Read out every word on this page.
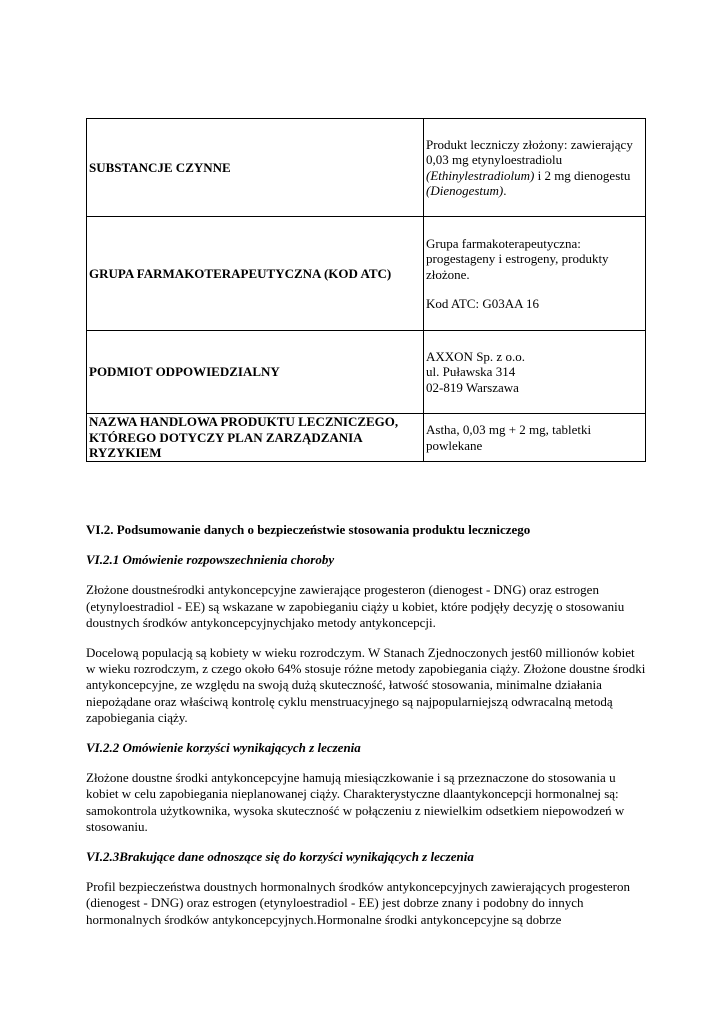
SUBSTANCJE CZYNNE	Produkt leczniczy złożony: zawierający 0,03 mg etynyloestradiolu (Ethinylestradiolum) i 2 mg dienogestu (Dienogestum).
GRUPA FARMAKOTERAPEUTYCZNA (KOD ATC)	Grupa farmakoterapeutyczna: progestageny i estrogeny, produkty złożone.
Kod ATC: G03AA 16

PODMIOT ODPOWIEDZIALNY	AXXON Sp. z o.o.
ul. Puławska 314
02-819 Warszawa

NAZWA HANDLOWA PRODUKTU LECZNICZEGO, KTÓREGO DOTYCZY PLAN ZARZĄDZANIA RYZYKIEM	Astha, 0,03 mg + 2 mg, tabletki powlekane

VI.2. Podsumowanie danych o bezpieczeństwie stosowania produktu leczniczego

VI.2.1 Omówienie rozpowszechnienia choroby

Złożone doustneśrodki antykoncepcyjne zawierające progesteron (dienogest - DNG) oraz estrogen (etynyloestradiol - EE) są wskazane w zapobieganiu ciąży u kobiet, które podjęły decyzję o stosowaniu doustnych środków antykoncepcyjnychjako metody antykoncepcji.

Docelową populacją są kobiety w wieku rozrodczym. W Stanach Zjednoczonych jest60 millionów kobiet w wieku rozrodczym, z czego około 64% stosuje różne metody zapobiegania ciąży. Złożone doustne środki antykoncepcyjne, ze względu na swoją dużą skuteczność, łatwość stosowania, minimalne działania niepożądane oraz właściwą kontrolę cyklu menstruacyjnego są najpopularniejszą odwracalną metodą zapobiegania ciąży.

VI.2.2 Omówienie korzyści wynikających z leczenia

Złożone doustne środki antykoncepcyjne hamują miesiączkowanie i są przeznaczone do stosowania u kobiet w celu zapobiegania nieplanowanej ciąży. Charakterystyczne dlaantykoncepcji hormonalnej są: samokontrola użytkownika, wysoka skuteczność w połączeniu z niewielkim odsetkiem niepowodzeń w stosowaniu.

VI.2.3Brakujące dane odnoszące się do korzyści wynikających z leczenia

Profil bezpieczeństwa doustnych hormonalnych środków antykoncepcyjnych zawierających progesteron (dienogest - DNG) oraz estrogen (etynyloestradiol - EE) jest dobrze znany i podobny do innych hormonalnych środków antykoncepcyjnych.Hormonalne środki antykoncepcyjne są dobrze
